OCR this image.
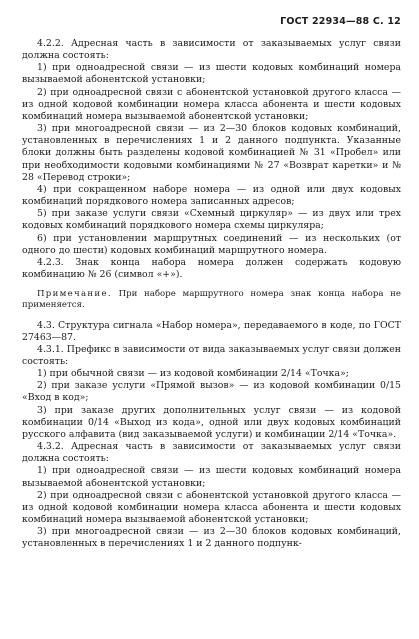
ГОСТ 22934—88 С. 12

4.2.2. Адресная часть в зависимости от заказываемых услуг связи должна состоять:

1) при одноадресной связи — из шести кодовых комбинаций номера вызываемой абонентской установки;

2) при одноадресной связи с абонентской установкой другого класса — из одной кодовой комбинации номера класса абонента и шести кодовых комбинаций номера вызываемой абонентской установки;

3) при многоадресной связи — из 2—30 блоков кодовых комбинаций, установленных в перечислениях 1 и 2 данного подпункта. Указанные блоки должны быть разделены кодовой комбинацией № 31 «Пробел» или при необходимости кодовыми комбинациями № 27 «Возврат каретки» и № 28 «Перевод строки»;

4) при сокращенном наборе номера — из одной или двух кодовых комбинаций порядкового номера записанных адресов;

5) при заказе услуги связи «Схемный циркуляр» — из двух или трех кодовых комбинаций порядкового номера схемы циркуляра;

6) при установлении маршрутных соединений — из нескольких (от одного до шести) кодовых комбинаций маршрутного номера.

4.2.3. Знак конца набора номера должен содержать кодовую комбинацию № 26 (символ «+»).

Примечание. При наборе маршрутного номера знак конца набора не применяется.

4.3. Структура сигнала «Набор номера», передаваемого в коде, по ГОСТ 27463—87.

4.3.1. Префикс в зависимости от вида заказываемых услуг связи должен состоять:

1) при обычной связи — из кодовой комбинации 2/14 «Точка»;

2) при заказе услуги «Прямой вызов» — из кодовой комбинации 0/15 «Вход в код»;

3) при заказе других дополнительных услуг связи — из кодовой комбинации 0/14 «Выход из кода», одной или двух кодовых комбинаций русского алфавита (вид заказываемой услуги) и комбинации 2/14 «Точка».

4.3.2. Адресная часть в зависимости от заказываемых услуг связи должна состоять:

1) при одноадресной связи — из шести кодовых комбинаций номера вызываемой абонентской установки;

2) при одноадресной связи с абонентской установкой другого класса — из одной кодовой комбинации номера класса абонента и шести кодовых комбинаций номера вызываемой абонентской установки;

3) при многоадресной связи — из 2—30 блоков кодовых комбинаций, установленных в перечислениях 1 и 2 данного подпунк-
